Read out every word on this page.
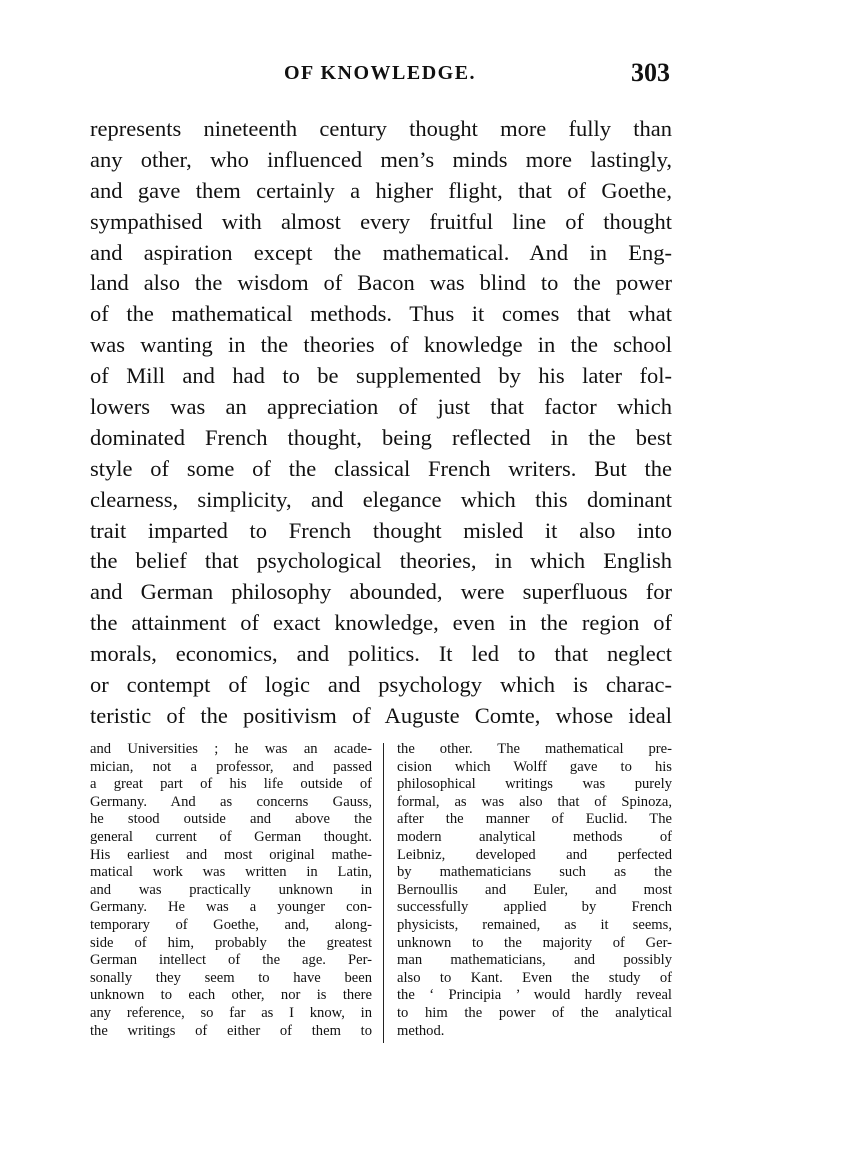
OF KNOWLEDGE.	303
represents nineteenth century thought more fully than
any other, who influenced men’s minds more lastingly,
and gave them certainly a higher flight, that of Goethe,
sympathised with almost every fruitful line of thought
and aspiration except the mathematical. And in Eng-
land also the wisdom of Bacon was blind to the power
of the mathematical methods. Thus it comes that what
was wanting in the theories of knowledge in the school
of Mill and had to be supplemented by his later fol-
lowers was an appreciation of just that factor which
dominated French thought, being reflected in the best
style of some of the classical French writers. But the
clearness, simplicity, and elegance which this dominant
trait imparted to French thought misled it also into
the belief that psychological theories, in which English
and German philosophy abounded, were superfluous for
the attainment of exact knowledge, even in the region of
morals, economics, and politics. It led to that neglect
or contempt of logic and psychology which is charac-
teristic of the positivism of Auguste Comte, whose ideal
and Universities ; he was an acade-
mician, not a professor, and passed
a great part of his life outside of
Germany. And as concerns Gauss,
he stood outside and above the
general current of German thought.
His earliest and most original mathe-
matical work was written in Latin,
and was practically unknown in
Germany. He was a younger con-
temporary of Goethe, and, along-
side of him, probably the greatest
German intellect of the age. Per-
sonally they seem to have been
unknown to each other, nor is there
any reference, so far as I know, in
the writings of either of them to
the other. The mathematical pre-
cision which Wolff gave to his
philosophical writings was purely
formal, as was also that of Spinoza,
after the manner of Euclid. The
modern analytical methods of
Leibniz, developed and perfected
by mathematicians such as the
Bernoullis and Euler, and most
successfully applied by French
physicists, remained, as it seems,
unknown to the majority of Ger-
man mathematicians, and possibly
also to Kant. Even the study of
the ‘ Principia ’ would hardly reveal
to him the power of the analytical
method.
